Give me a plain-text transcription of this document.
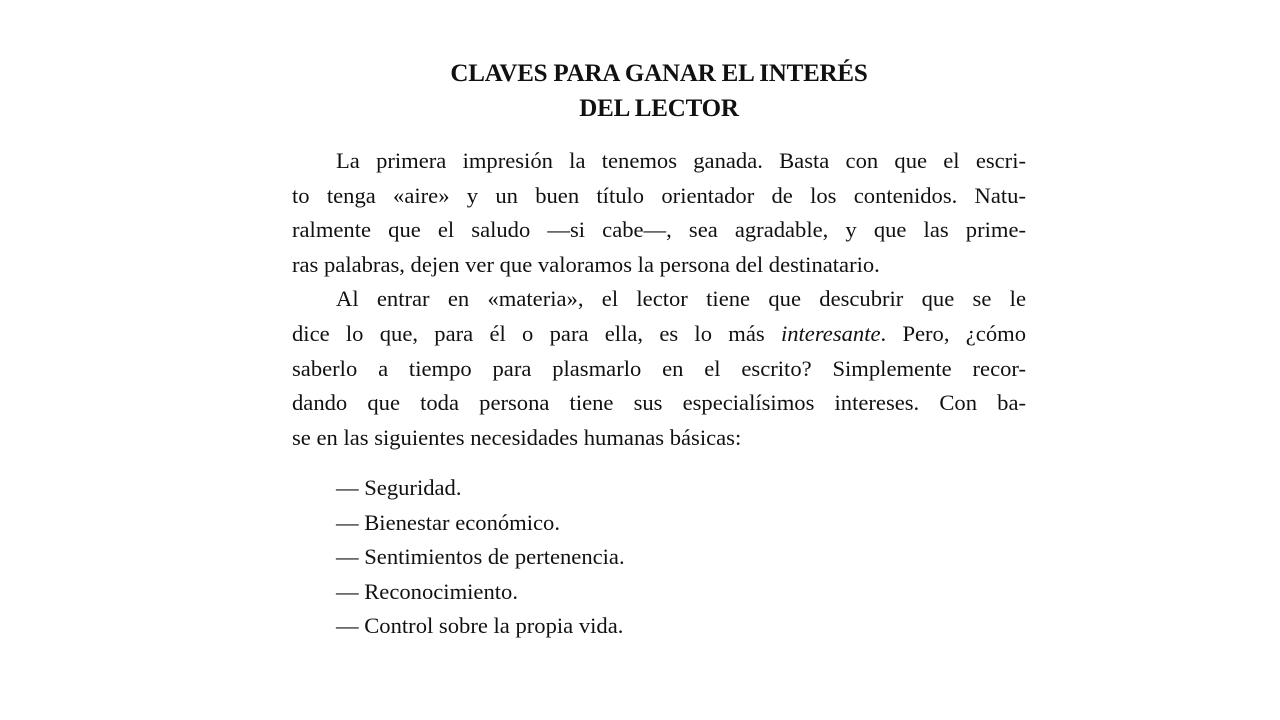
CLAVES PARA GANAR EL INTERÉS
DEL LECTOR
La primera impresión la tenemos ganada. Basta con que el escri-
to tenga «aire» y un buen título orientador de los contenidos. Natu-
ralmente que el saludo —si cabe—, sea agradable, y que las prime-
ras palabras, dejen ver que valoramos la persona del destinatario.
Al entrar en «materia», el lector tiene que descubrir que se le
dice lo que, para él o para ella, es lo más interesante. Pero, ¿cómo
saberlo a tiempo para plasmarlo en el escrito? Simplemente recor-
dando que toda persona tiene sus especialísimos intereses. Con ba-
se en las siguientes necesidades humanas básicas:
— Seguridad.
— Bienestar económico.
— Sentimientos de pertenencia.
— Reconocimiento.
— Control sobre la propia vida.
